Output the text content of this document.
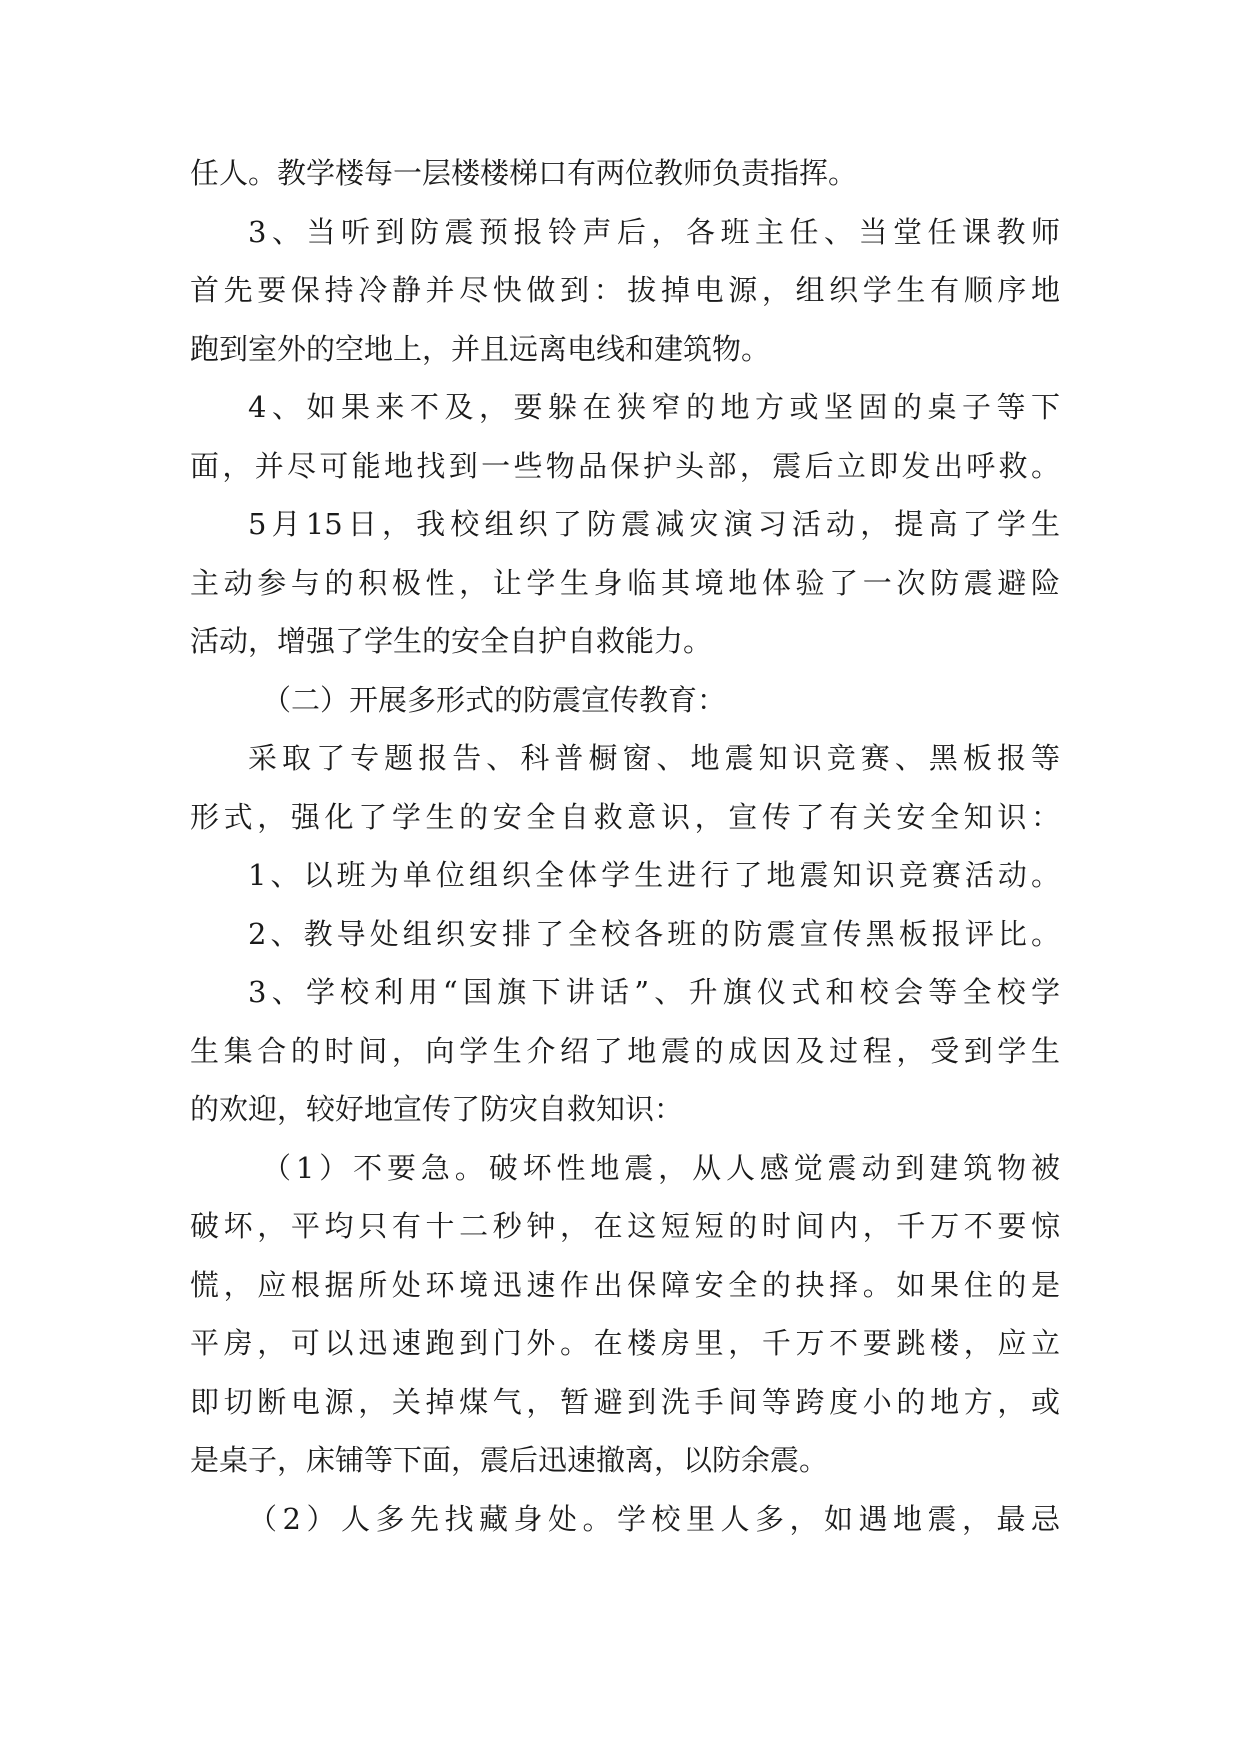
任人。教学楼每一层楼楼梯口有两位教师负责指挥。
3、当听到防震预报铃声后，各班主任、当堂任课教师
首先要保持冷静并尽快做到：拔掉电源，组织学生有顺序地
跑到室外的空地上，并且远离电线和建筑物。
4、如果来不及，要躲在狭窄的地方或坚固的桌子等下
面，并尽可能地找到一些物品保护头部，震后立即发出呼救。
5月15日，我校组织了防震减灾演习活动，提高了学生
主动参与的积极性，让学生身临其境地体验了一次防震避险
活动，增强了学生的安全自护自救能力。
（二）开展多形式的防震宣传教育：
采取了专题报告、科普橱窗、地震知识竞赛、黑板报等
形式，强化了学生的安全自救意识，宣传了有关安全知识：
1、以班为单位组织全体学生进行了地震知识竞赛活动。
2、教导处组织安排了全校各班的防震宣传黑板报评比。
3、学校利用“国旗下讲话”、升旗仪式和校会等全校学
生集合的时间，向学生介绍了地震的成因及过程，受到学生
的欢迎，较好地宣传了防灾自救知识：
（1）不要急。破坏性地震，从人感觉震动到建筑物被
破坏，平均只有十二秒钟，在这短短的时间内，千万不要惊
慌，应根据所处环境迅速作出保障安全的抉择。如果住的是
平房，可以迅速跑到门外。在楼房里，千万不要跳楼，应立
即切断电源，关掉煤气，暂避到洗手间等跨度小的地方，或
是桌子，床铺等下面，震后迅速撤离，以防余震。
（2）人多先找藏身处。学校里人多，如遇地震，最忌
